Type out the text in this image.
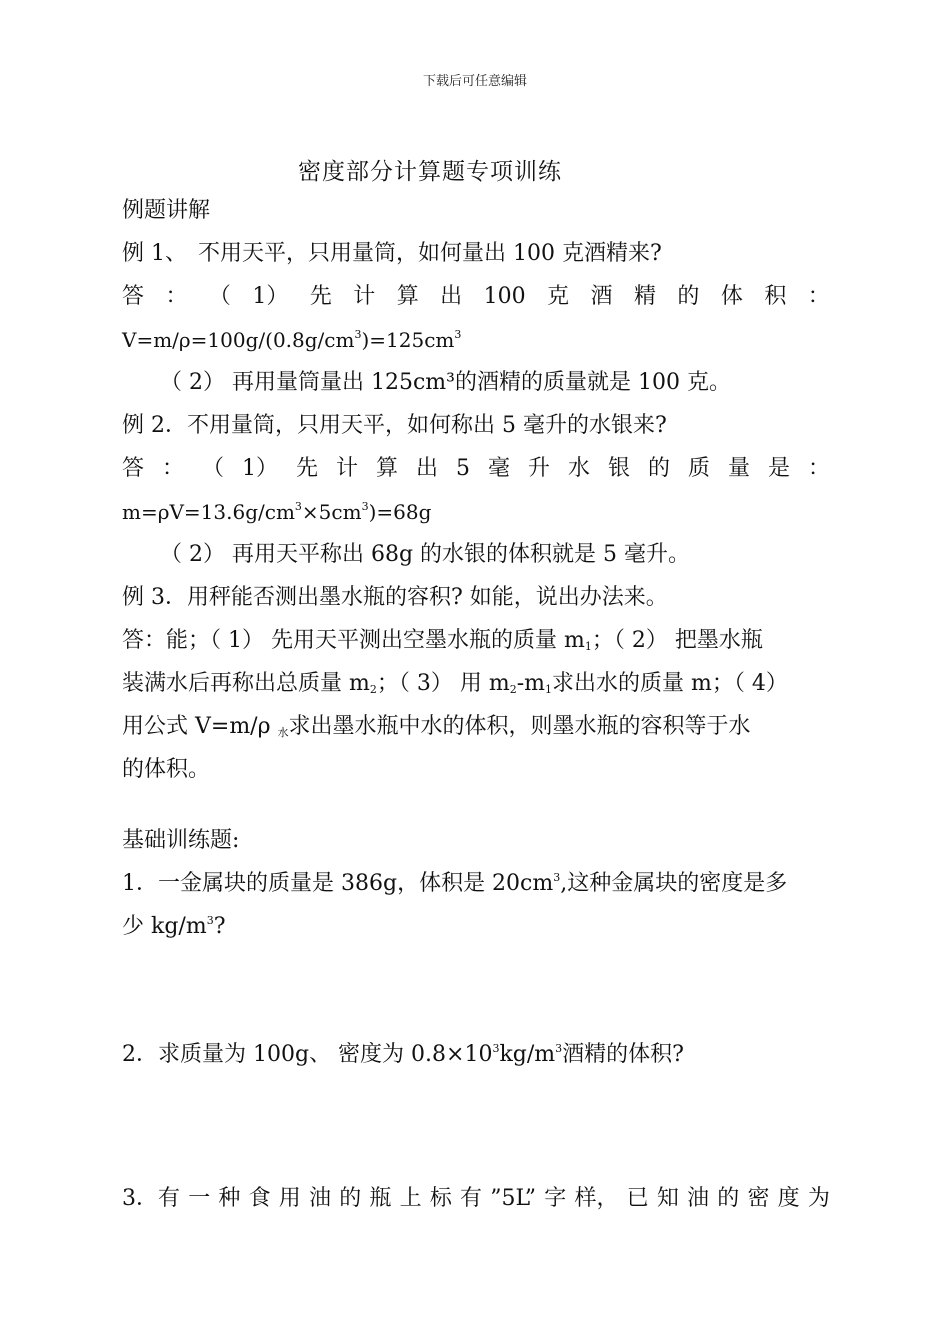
下载后可任意编辑
密度部分计算题专项训练
例题讲解
例 1、　不用天平，只用量筒，如何量出 100 克酒精来?
答 ： （ 1） 先 计 算 出 100 克 酒 精 的 体 积 ：
$V=m/\rho=100g/(0.8g/cm^3)=125cm^3$
（ 2） 再用量筒量出 125cm³的酒精的质量就是 100 克。
例 2．不用量筒，只用天平，如何称出 5 毫升的水银来?
答 ： （ 1） 先 计 算 出 5 毫 升 水 银 的 质 量 是 ：
$m=\rho V=13.6g/cm^3\times 5cm^3)=68g$
（ 2） 再用天平称出 68g 的水银的体积就是 5 毫升。
例 3．用秤能否测出墨水瓶的容积? 如能，说出办法来。
答：能；（ 1） 先用天平测出空墨水瓶的质量 $m_1$；（ 2） 把墨水瓶
装满水后再称出总质量 $m_2$；（ 3） 用 $m_2-m_1$求出水的质量 m；（ 4）
用公式 V=m/ρ $_水$求出墨水瓶中水的体积，则墨水瓶的容积等于水
的体积。
基础训练题:
1．一金属块的质量是 386g，体积是 $20cm^3$,这种金属块的密度是多
少 $kg/m^3$?
2．求质量为 100g、 密度为 $0.8\times 10^3kg/m^3$酒精的体积?
3．有 一 种 食 用 油 的 瓶 上 标 有 ”5L” 字 样， 已 知 油 的 密 度 为
